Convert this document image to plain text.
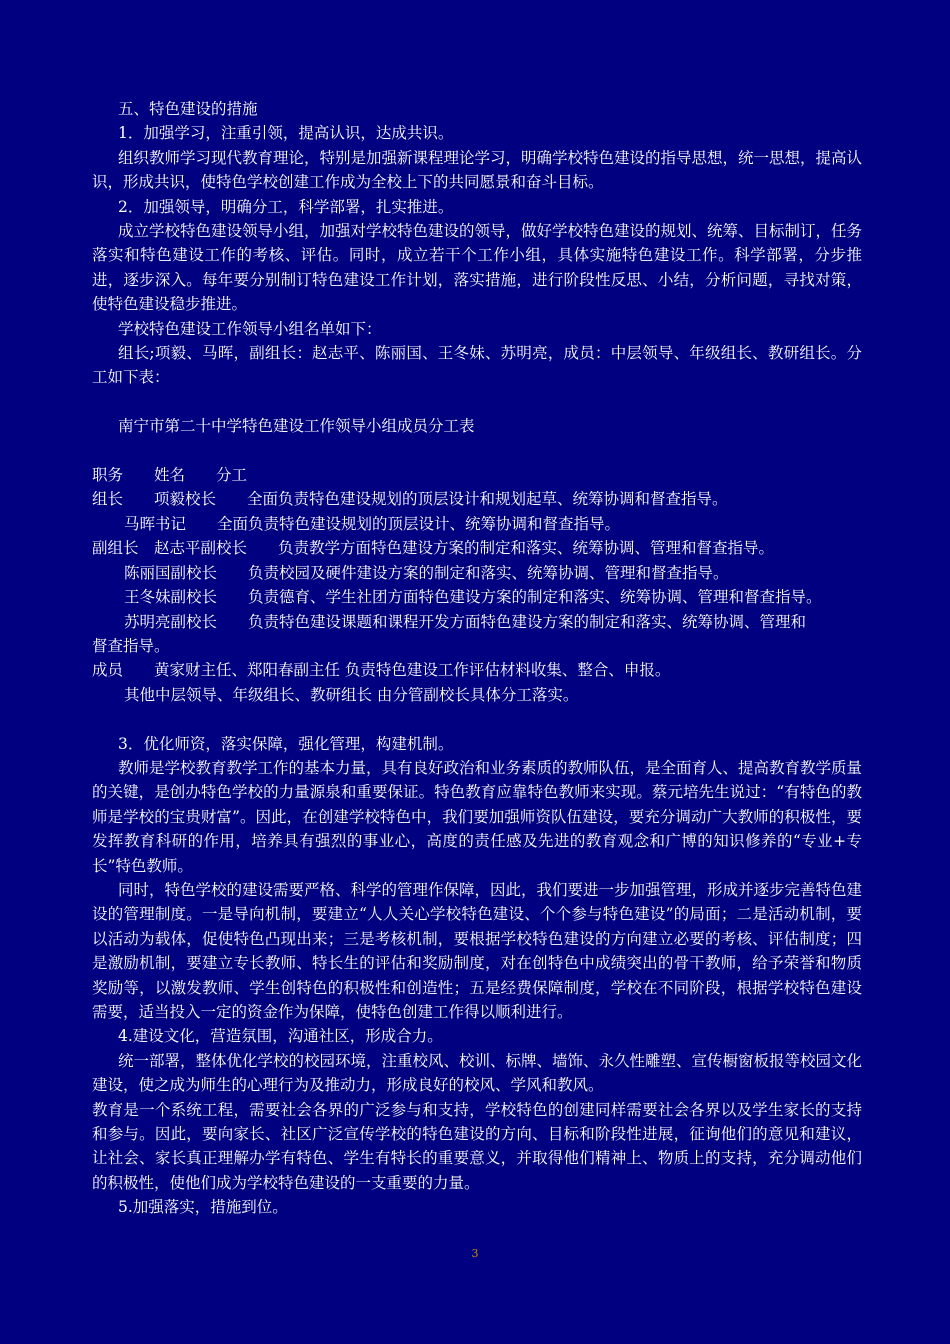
五、特色建设的措施

1．加强学习，注重引领，提高认识，达成共识。

组织教师学习现代教育理论，特别是加强新课程理论学习，明确学校特色建设的指导思想，统一思想，提高认识，形成共识，使特色学校创建工作成为全校上下的共同愿景和奋斗目标。

2．加强领导，明确分工，科学部署，扎实推进。

成立学校特色建设领导小组，加强对学校特色建设的领导，做好学校特色建设的规划、统筹、目标制订，任务落实和特色建设工作的考核、评估。同时，成立若干个工作小组，具体实施特色建设工作。科学部署，分步推进，逐步深入。每年要分别制订特色建设工作计划，落实措施，进行阶段性反思、小结，分析问题，寻找对策，使特色建设稳步推进。

学校特色建设工作领导小组名单如下：

组长;项毅、马晖，副组长：赵志平、陈丽国、王冬妹、苏明亮，成员：中层领导、年级组长、教研组长。分工如下表：

南宁市第二十中学特色建设工作领导小组成员分工表

职务　　姓名　　分工

组长　　项毅校长　　全面负责特色建设规划的顶层设计和规划起草、统筹协调和督查指导。

马晖书记　　全面负责特色建设规划的顶层设计、统筹协调和督查指导。

副组长　赵志平副校长　　负责教学方面特色建设方案的制定和落实、统筹协调、管理和督查指导。

陈丽国副校长　　负责校园及硬件建设方案的制定和落实、统筹协调、管理和督查指导。

王冬妹副校长　　负责德育、学生社团方面特色建设方案的制定和落实、统筹协调、管理和督查指导。

苏明亮副校长　　负责特色建设课题和课程开发方面特色建设方案的制定和落实、统筹协调、管理和

督查指导。

成员　　黄家财主任、郑阳春副主任 负责特色建设工作评估材料收集、整合、申报。

其他中层领导、年级组长、教研组长 由分管副校长具体分工落实。

3．优化师资，落实保障，强化管理，构建机制。

教师是学校教育教学工作的基本力量，具有良好政治和业务素质的教师队伍，是全面育人、提高教育教学质量的关键，是创办特色学校的力量源泉和重要保证。特色教育应靠特色教师来实现。蔡元培先生说过：“有特色的教师是学校的宝贵财富”。因此，在创建学校特色中，我们要加强师资队伍建设，要充分调动广大教师的积极性，要发挥教育科研的作用，培养具有强烈的事业心，高度的责任感及先进的教育观念和广博的知识修养的“专业+专长”特色教师。

同时，特色学校的建设需要严格、科学的管理作保障，因此，我们要进一步加强管理，形成并逐步完善特色建设的管理制度。一是导向机制，要建立“人人关心学校特色建设、个个参与特色建设”的局面；二是活动机制，要以活动为载体，促使特色凸现出来；三是考核机制，要根据学校特色建设的方向建立必要的考核、评估制度；四是激励机制，要建立专长教师、特长生的评估和奖励制度，对在创特色中成绩突出的骨干教师，给予荣誉和物质奖励等，以激发教师、学生创特色的积极性和创造性；五是经费保障制度，学校在不同阶段，根据学校特色建设需要，适当投入一定的资金作为保障，使特色创建工作得以顺利进行。

4.建设文化，营造氛围，沟通社区，形成合力。

统一部署，整体优化学校的校园环境，注重校风、校训、标牌、墙饰、永久性雕塑、宣传橱窗板报等校园文化建设，使之成为师生的心理行为及推动力，形成良好的校风、学风和教风。

教育是一个系统工程，需要社会各界的广泛参与和支持，学校特色的创建同样需要社会各界以及学生家长的支持和参与。因此，要向家长、社区广泛宣传学校的特色建设的方向、目标和阶段性进展，征询他们的意见和建议，让社会、家长真正理解办学有特色、学生有特长的重要意义，并取得他们精神上、物质上的支持，充分调动他们的积极性，使他们成为学校特色建设的一支重要的力量。

5.加强落实，措施到位。

3
